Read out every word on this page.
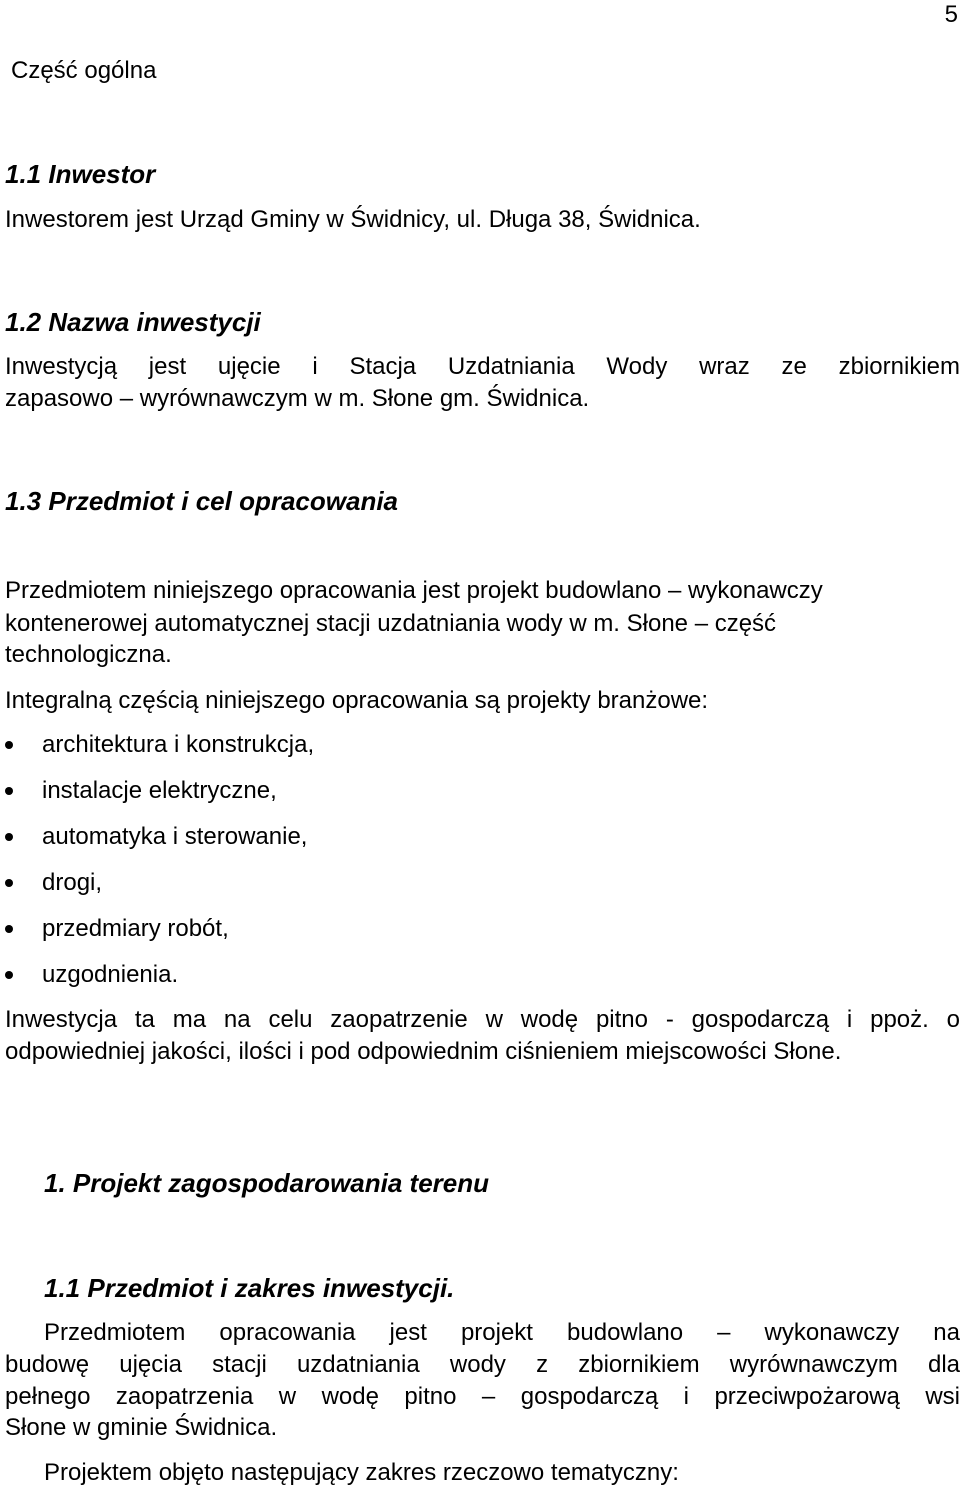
5
Część ogólna
1.1 Inwestor
Inwestorem jest Urząd Gminy w Świdnicy, ul. Długa 38, Świdnica.
1.2 Nazwa inwestycji
Inwestycją jest ujęcie i Stacja Uzdatniania Wody wraz ze zbiornikiem
zapasowo – wyrównawczym w m. Słone gm. Świdnica.
1.3 Przedmiot i cel opracowania
Przedmiotem niniejszego opracowania jest projekt budowlano – wykonawczy
kontenerowej automatycznej stacji uzdatniania wody w m. Słone – część
technologiczna.
Integralną częścią niniejszego opracowania są projekty branżowe:
architektura i konstrukcja,
instalacje elektryczne,
automatyka i sterowanie,
drogi,
przedmiary robót,
uzgodnienia.
Inwestycja ta ma na celu zaopatrzenie w wodę pitno - gospodarczą i ppoż. o
odpowiedniej jakości, ilości i pod odpowiednim ciśnieniem miejscowości Słone.
1. Projekt zagospodarowania terenu
1.1 Przedmiot i zakres inwestycji.
Przedmiotem opracowania jest projekt budowlano – wykonawczy na
budowę ujęcia stacji uzdatniania wody z zbiornikiem wyrównawczym dla
pełnego zaopatrzenia w wodę pitno – gospodarczą i przeciwpożarową wsi
Słone w gminie Świdnica.
Projektem objęto następujący zakres rzeczowo tematyczny:
